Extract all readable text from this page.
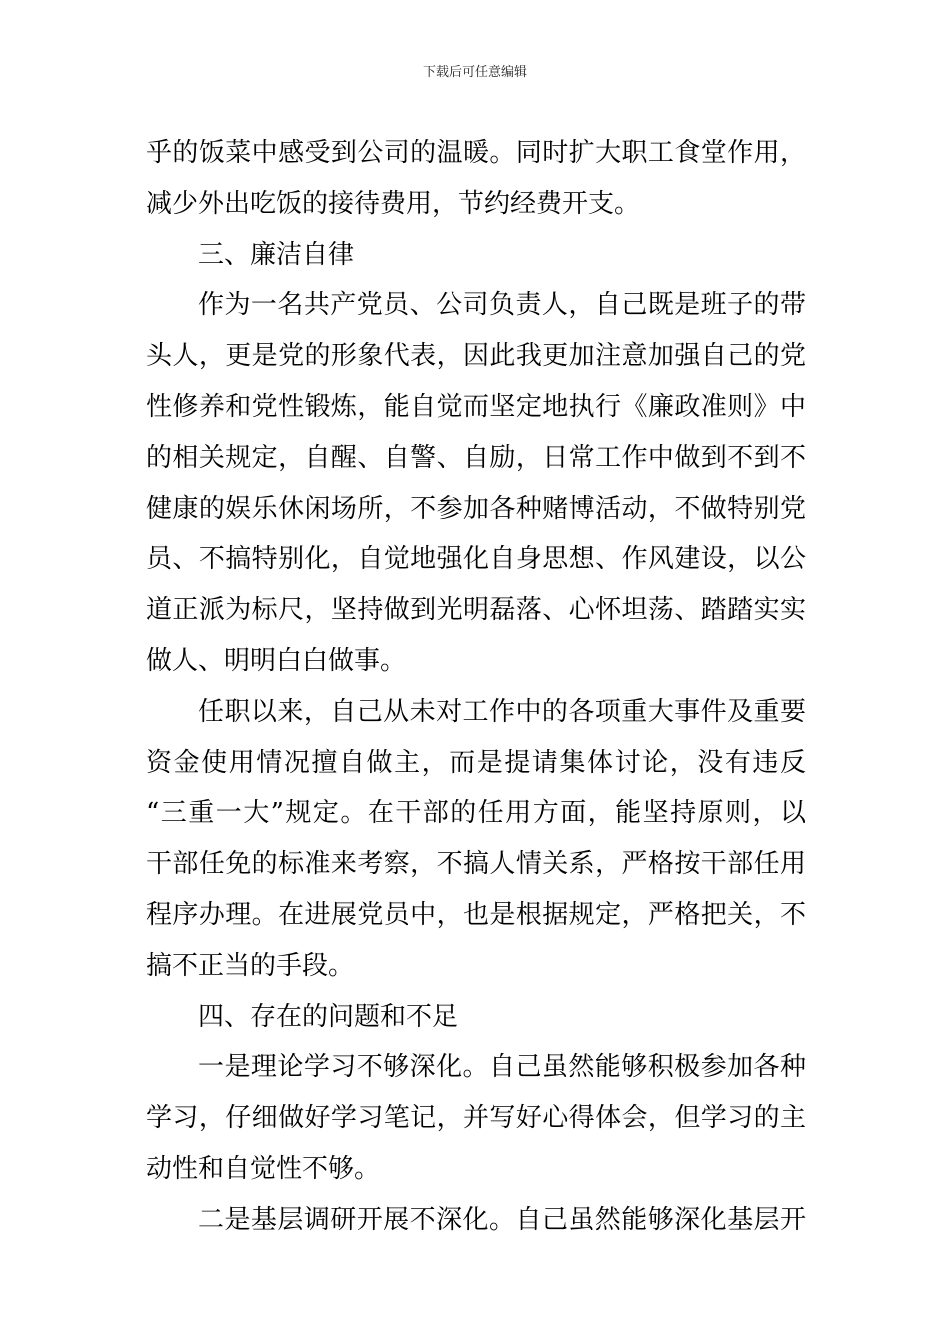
下载后可任意编辑
乎的饭菜中感受到公司的温暖。同时扩大职工食堂作用，
减少外出吃饭的接待费用，节约经费开支。
三、廉洁自律
作为一名共产党员、公司负责人，自己既是班子的带
头人，更是党的形象代表，因此我更加注意加强自己的党
性修养和党性锻炼，能自觉而坚定地执行《廉政准则》中
的相关规定，自醒、自警、自励，日常工作中做到不到不
健康的娱乐休闲场所，不参加各种赌博活动，不做特别党
员、不搞特别化，自觉地强化自身思想、作风建设，以公
道正派为标尺，坚持做到光明磊落、心怀坦荡、踏踏实实
做人、明明白白做事。
任职以来，自己从未对工作中的各项重大事件及重要
资金使用情况擅自做主，而是提请集体讨论，没有违反
“三重一大”规定。在干部的任用方面，能坚持原则，以
干部任免的标准来考察，不搞人情关系，严格按干部任用
程序办理。在进展党员中，也是根据规定，严格把关，不
搞不正当的手段。
四、存在的问题和不足
一是理论学习不够深化。自己虽然能够积极参加各种
学习，仔细做好学习笔记，并写好心得体会，但学习的主
动性和自觉性不够。
二是基层调研开展不深化。自己虽然能够深化基层开
